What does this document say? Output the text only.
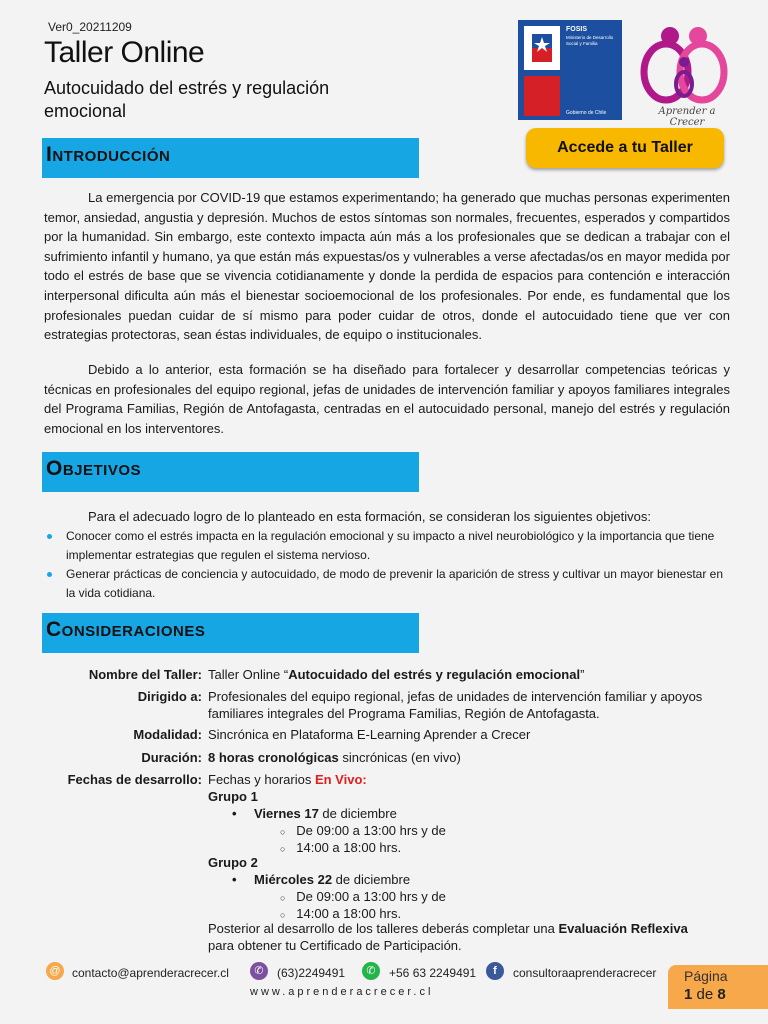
Ver0_20211209
Taller Online
Autocuidado del estrés y regulación emocional
FOSIS
Ministerio de Desarrollo Social y Familia
Gobierno de Chile	Aprender a Crecer
Accede a tu Taller
Introducción
La emergencia por COVID-19 que estamos experimentando; ha generado que muchas personas experimenten temor, ansiedad, angustia y depresión. Muchos de estos síntomas son normales, frecuentes, esperados y compartidos por la humanidad. Sin embargo, este contexto impacta aún más a los profesionales que se dedican a trabajar con el sufrimiento infantil y humano, ya que están más expuestas/os y vulnerables a verse afectadas/os en mayor medida por todo el estrés de base que se vivencia cotidianamente y donde la perdida de espacios para contención e interacción interpersonal dificulta aún más el bienestar socioemocional de los profesionales. Por ende, es fundamental que los profesionales puedan cuidar de sí mismo para poder cuidar de otros, donde el autocuidado tiene que ver con estrategias protectoras, sean éstas individuales, de equipo o institucionales.
Debido a lo anterior, esta formación se ha diseñado para fortalecer y desarrollar competencias teóricas y técnicas en profesionales del equipo regional, jefas de unidades de intervención familiar y apoyos familiares integrales del Programa Familias, Región de Antofagasta, centradas en el autocuidado personal, manejo del estrés y regulación emocional en los interventores.
Objetivos
Para el adecuado logro de lo planteado en esta formación, se consideran los siguientes objetivos:
Conocer como el estrés impacta en la regulación emocional y su impacto a nivel neurobiológico y la importancia que tiene implementar estrategias que regulen el sistema nervioso.
Generar prácticas de conciencia y autocuidado, de modo de prevenir la aparición de stress y cultivar un mayor bienestar en la vida cotidiana.
Consideraciones
Nombre del Taller: Taller Online “Autocuidado del estrés y regulación emocional”
Dirigido a: Profesionales del equipo regional, jefas de unidades de intervención familiar y apoyos familiares integrales del Programa Familias, Región de Antofagasta.
Modalidad: Sincrónica en Plataforma E-Learning Aprender a Crecer
Duración: 8 horas cronológicas sincrónicas (en vivo)
Fechas de desarrollo: Fechas y horarios En Vivo:
Grupo 1
• Viernes 17 de diciembre
○ De 09:00 a 13:00 hrs y de
○ 14:00 a 18:00 hrs.
Grupo 2
• Miércoles 22 de diciembre
○ De 09:00 a 13:00 hrs y de
○ 14:00 a 18:00 hrs.
Posterior al desarrollo de los talleres deberás completar una Evaluación Reflexiva para obtener tu Certificado de Participación.
@ contacto@aprenderacrecer.cl	✆	(63)2249491	✆	+56 63 2249491	f	consultoraaprenderacrecer
www.aprenderacrecer.cl
Página
1 de 8
